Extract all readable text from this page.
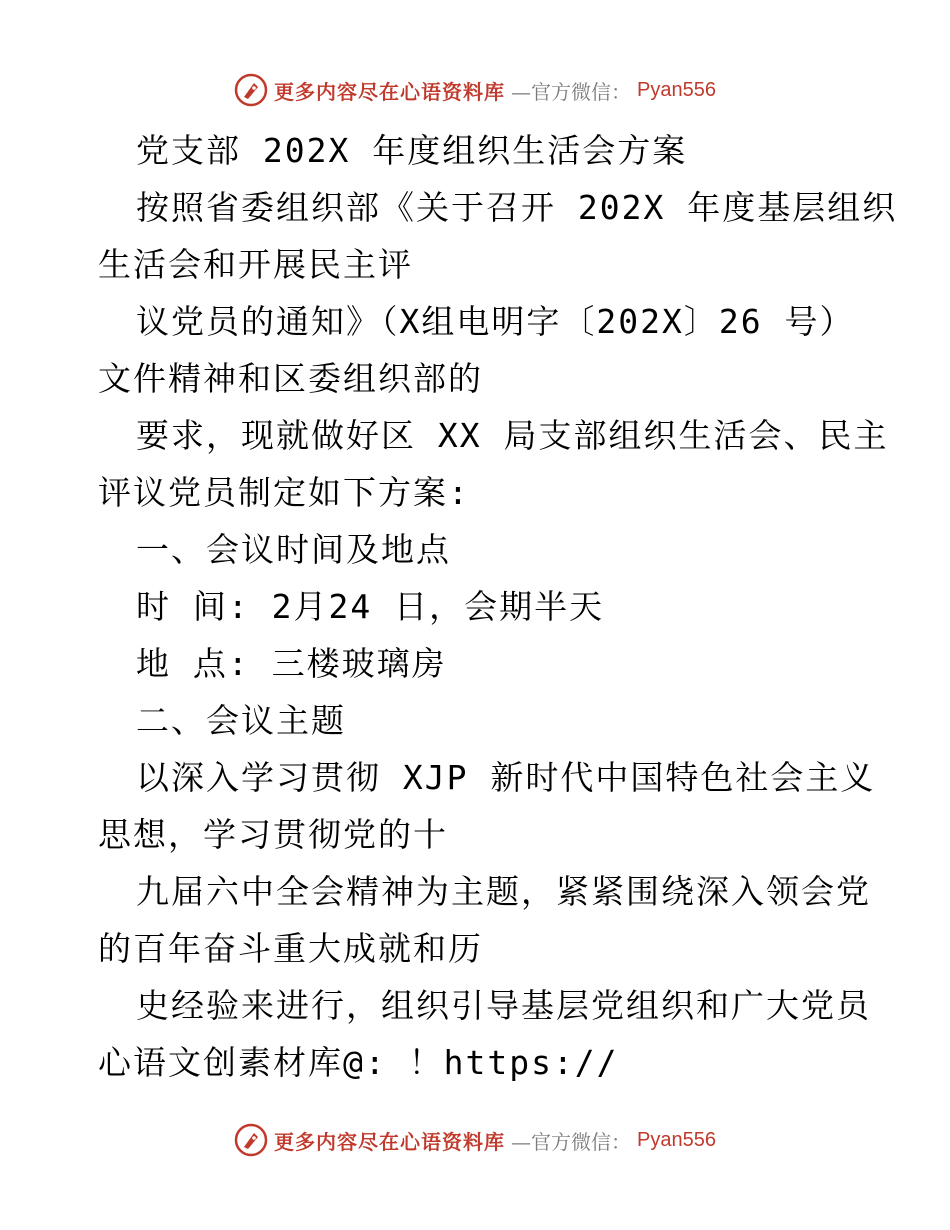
更多内容尽在心语资料库 —官方微信： Pyan556
党支部 202X 年度组织生活会方案
按照省委组织部《关于召开 202X 年度基层组织
生活会和开展民主评
议党员的通知》（X组电明字〔202X〕26 号）
文件精神和区委组织部的
要求，现就做好区 XX 局支部组织生活会、民主
评议党员制定如下方案:
一、会议时间及地点
时 间: 2月24 日，会期半天
地 点: 三楼玻璃房
二、会议主题
以深入学习贯彻 XJP 新时代中国特色社会主义
思想，学习贯彻党的十
九届六中全会精神为主题，紧紧围绕深入领会党
的百年奋斗重大成就和历
史经验来进行，组织引导基层党组织和广大党员
心语文创素材库@: ！https://
更多内容尽在心语资料库 —官方微信： Pyan556
